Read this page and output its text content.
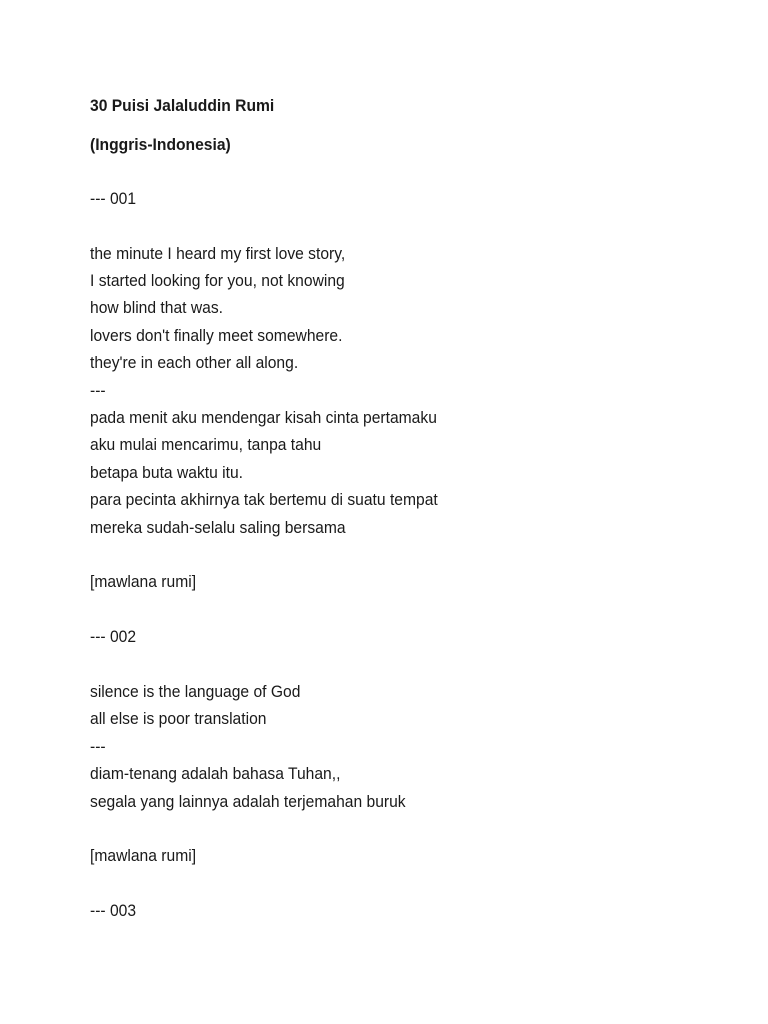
30 Puisi Jalaluddin Rumi
(Inggris-Indonesia)
--- 001
the minute I heard my first love story,
I started looking for you, not knowing
how blind that was.
lovers don't finally meet somewhere.
they're in each other all along.
---
pada menit aku mendengar kisah cinta pertamaku
aku mulai mencarimu, tanpa tahu
betapa buta waktu itu.
para pecinta akhirnya tak bertemu di suatu tempat
mereka sudah-selalu saling bersama
[mawlana rumi]
--- 002
silence is the language of God
all else is poor translation
---
diam-tenang adalah bahasa Tuhan,,
segala yang lainnya adalah terjemahan buruk
[mawlana rumi]
--- 003
